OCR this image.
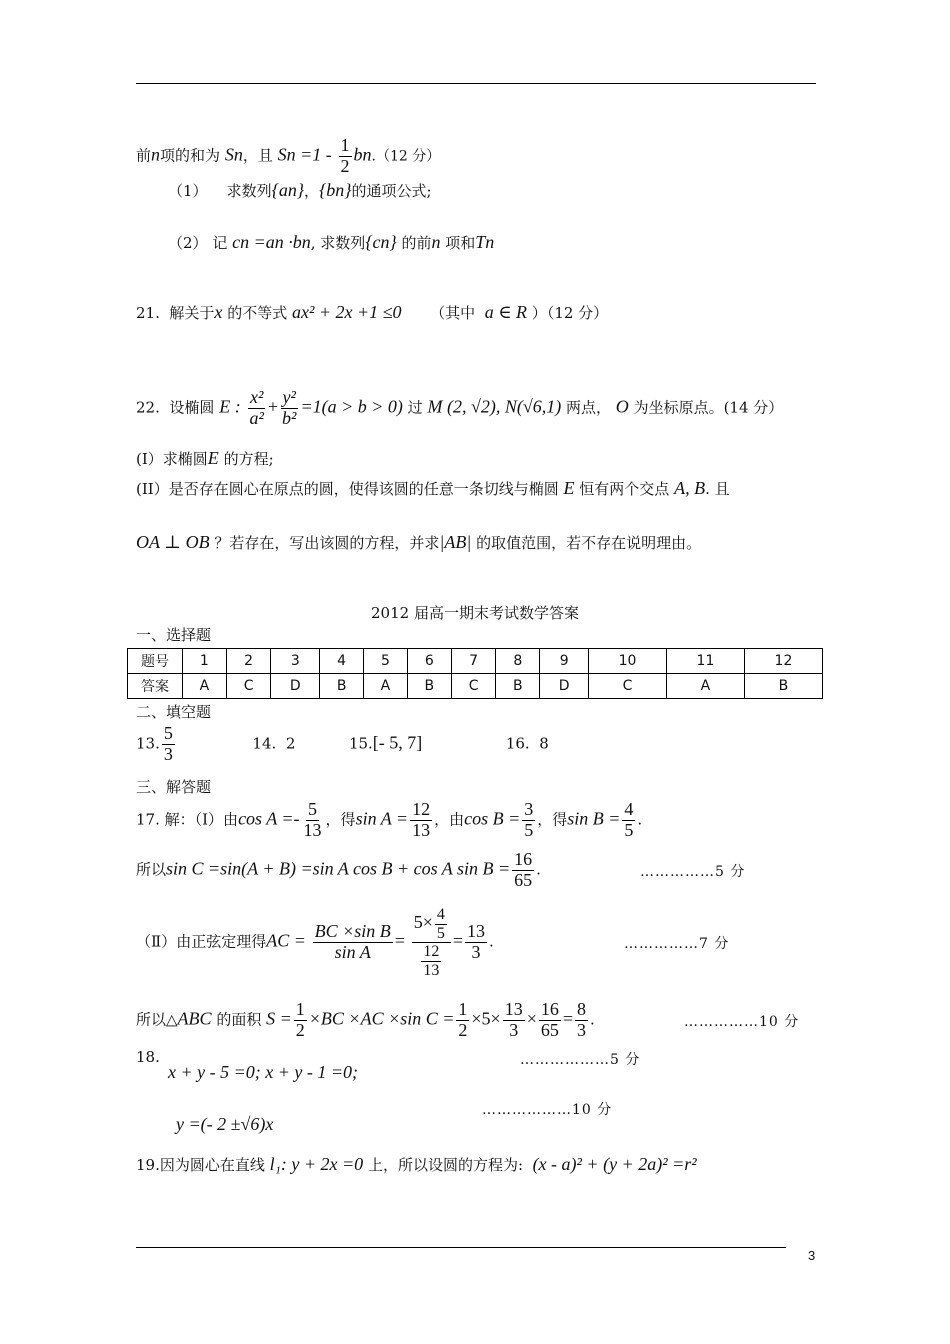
前n项的和为 Sn，且 $Sn =1 - \frac{1}{2} bn.(12$ 分）
（1） 求数列{an}，{bn}的通项公式;
（2） 记 cn =an ·bn, 求数列{cn} 的前n 项和Tn
21. 解关于x 的不等式 ax² + 2x +1 ≤0 （其中 a ∈ R ）（12 分）
22. 设椭圆 E : $\frac{\text{x²}}{\text{a²}} + \frac{\text{y²}}{\text{b²}} =1(a > b > 0)$ 过 M (2, √2), N(√6,1) 两点， O 为坐标原点。(14 分）
(I）求椭圆E 的方程;
(II）是否存在圆心在原点的圆，使得该圆的任意一条切线与椭圆 E 恒有两个交点 A, B. 且
OA ⊥ OB ？若存在，写出该圆的方程，并求|AB| 的取值范围，若不存在说明理由。
2012 届高一期末考试数学答案
一、选择题
题号	1	2	3	4	5	6	7	8	9	10	11	12
答案	A	C	D	B	A	B	C	B	D	C	A	B
二、填空题
13. $\frac{5}{3}$	14. 2	15.[- 5, 7]	16. 8
三、解答题
17. 解：（Ⅰ）由$\cos A =- \frac{5}{13}$ ，得$\sin A = \frac{12}{13}$ ，由$\cos B = \frac{3}{5}$ ，得$\sin B = \frac{4}{5}$ .
所以sin C =sin(A + B) =sin A cos B + cos A $\sin B = \frac{16}{65}$ .	……………5 分
（Ⅱ）由正弦定理得AC = $\frac{\text{BC ×sin B}}{\text{sin A}} = \frac{5\times \frac{4}{5}}{\frac{12}{13}} = \frac{13}{3}$ .	……………7 分
所以△ABC 的面积 $S = \frac{1}{2} \times BC \times AC \times\sin$ $C = \frac{1}{2} \times 5\times \frac{13}{3} \times \frac{16}{65} = \frac{8}{3}$ .	……………10 分
18.
x + y - 5 =0; x + y - 1 =0;
………………5 分
y =(- 2 ±√6)x
………………10 分
19.因为圆心在直线 l₁: y + 2x =0 上，所以设圆的方程为: (x - a)² + (y + 2a)² =r²
3
